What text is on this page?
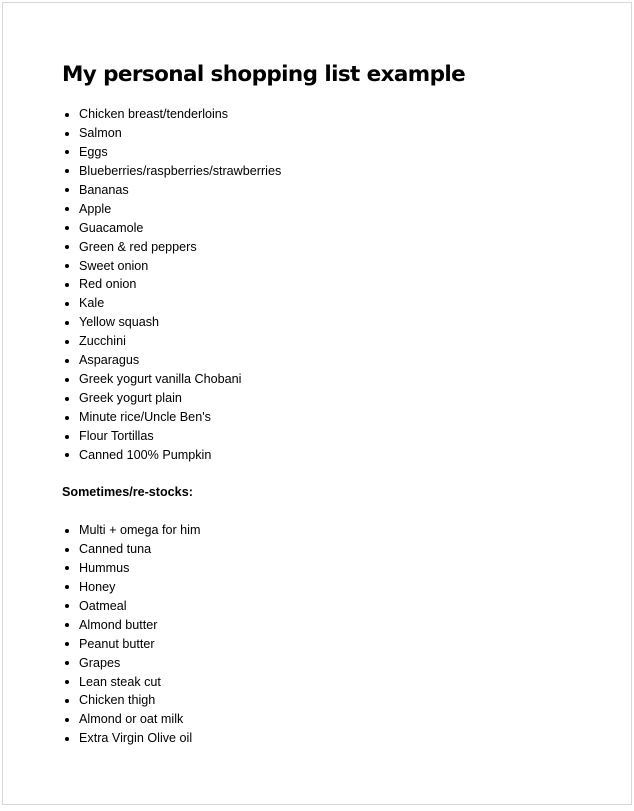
My personal shopping list example
Chicken breast/tenderloins
Salmon
Eggs
Blueberries/raspberries/strawberries
Bananas
Apple
Guacamole
Green & red peppers
Sweet onion
Red onion
Kale
Yellow squash
Zucchini
Asparagus
Greek yogurt vanilla Chobani
Greek yogurt plain
Minute rice/Uncle Ben's
Flour Tortillas
Canned 100% Pumpkin

Sometimes/re-stocks:

Multi + omega for him
Canned tuna
Hummus
Honey
Oatmeal
Almond butter
Peanut butter
Grapes
Lean steak cut
Chicken thigh
Almond or oat milk
Extra Virgin Olive oil
